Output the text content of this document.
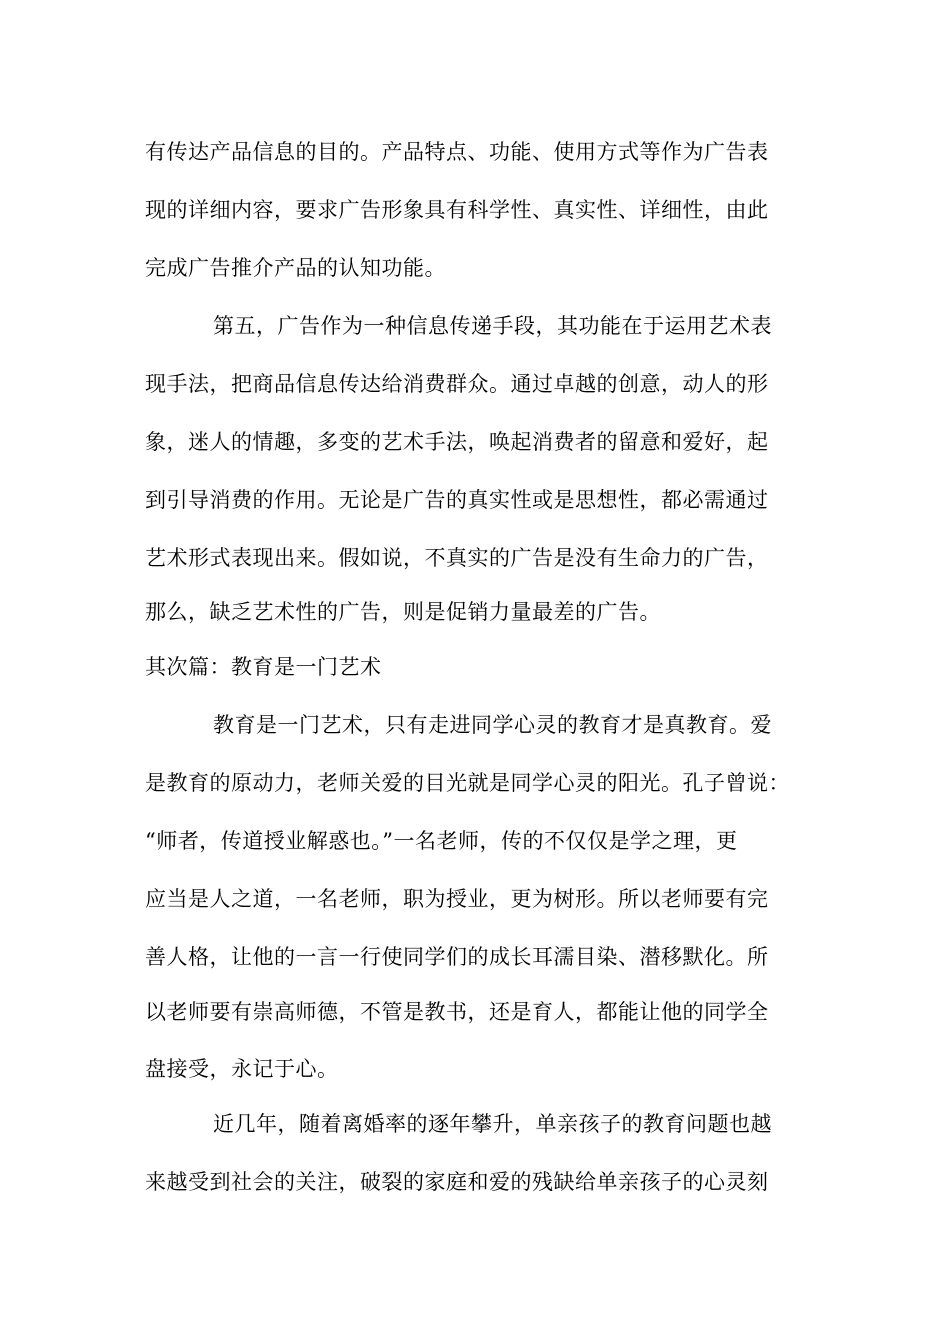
有传达产品信息的目的。产品特点、功能、使用方式等作为广告表
现的详细内容，要求广告形象具有科学性、真实性、详细性，由此
完成广告推介产品的认知功能。
第五，广告作为一种信息传递手段，其功能在于运用艺术表
现手法，把商品信息传达给消费群众。通过卓越的创意，动人的形
象，迷人的情趣，多变的艺术手法，唤起消费者的留意和爱好，起
到引导消费的作用。无论是广告的真实性或是思想性，都必需通过
艺术形式表现出来。假如说，不真实的广告是没有生命力的广告，
那么，缺乏艺术性的广告，则是促销力量最差的广告。
其次篇：教育是一门艺术
教育是一门艺术，只有走进同学心灵的教育才是真教育。爱
是教育的原动力，老师关爱的目光就是同学心灵的阳光。孔子曾说：
“师者，传道授业解惑也。”一名老师，传的不仅仅是学之理，更
应当是人之道，一名老师，职为授业，更为树形。所以老师要有完
善人格，让他的一言一行使同学们的成长耳濡目染、潜移默化。所
以老师要有崇高师德，不管是教书，还是育人，都能让他的同学全
盘接受，永记于心。
近几年，随着离婚率的逐年攀升，单亲孩子的教育问题也越
来越受到社会的关注，破裂的家庭和爱的残缺给单亲孩子的心灵刻
